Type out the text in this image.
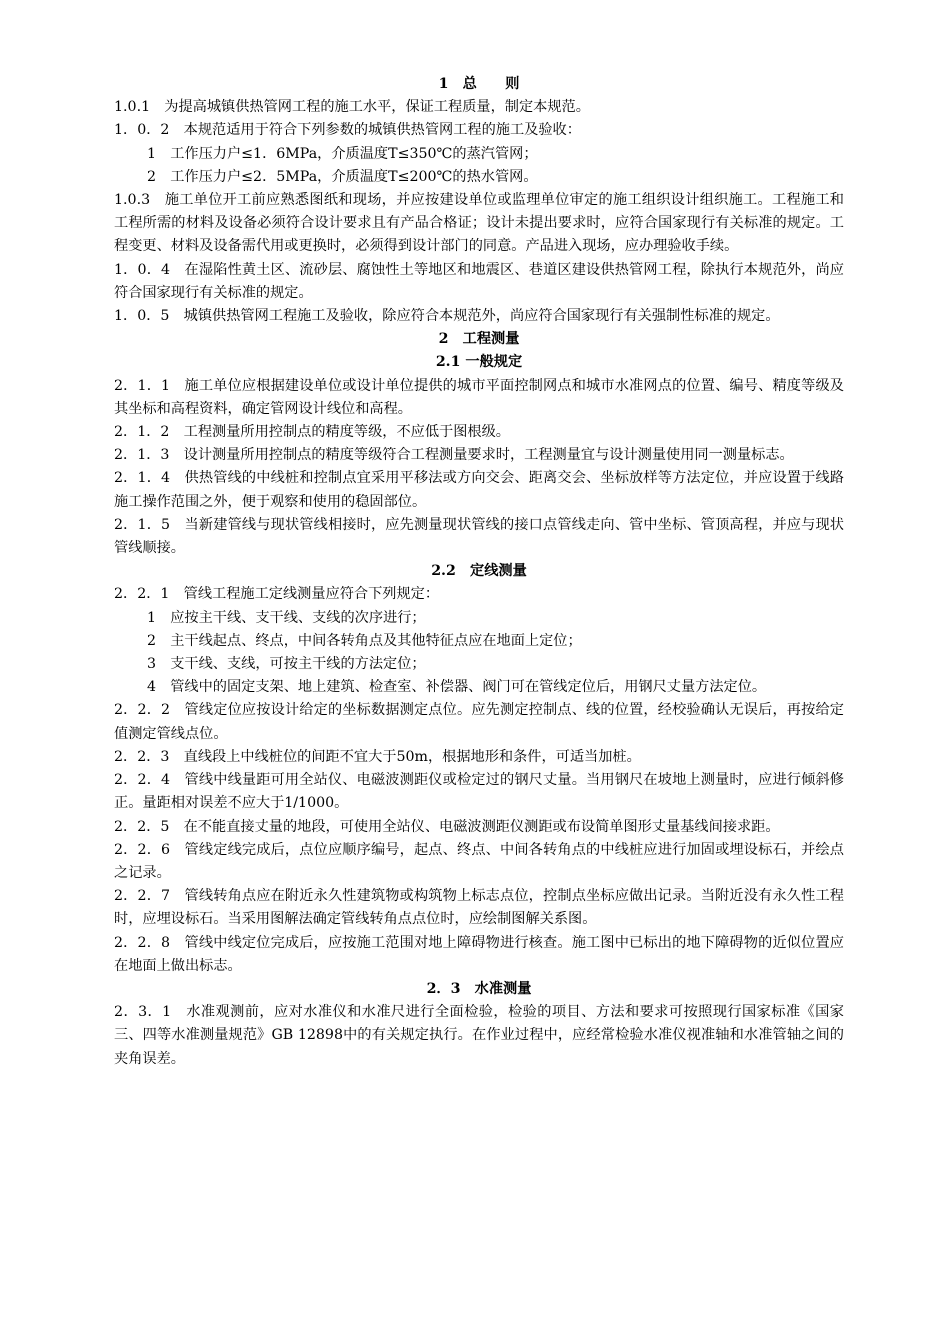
1　总　　则

1.0.1　为提高城镇供热管网工程的施工水平，保证工程质量，制定本规范。

1．0．2　本规范适用于符合下列参数的城镇供热管网工程的施工及验收：

1　工作压力户≤1．6MPa，介质温度T≤350℃的蒸汽管网；

2　工作压力户≤2．5MPa，介质温度T≤200℃的热水管网。

1.0.3　施工单位开工前应熟悉图纸和现场，并应按建设单位或监理单位审定的施工组织设计组织施工。工程施工和工程所需的材料及设备必须符合设计要求且有产品合格证；设计未提出要求时，应符合国家现行有关标准的规定。工程变更、材料及设备需代用或更换时，必须得到设计部门的同意。产品进入现场，应办理验收手续。

1．0．4　在湿陷性黄土区、流砂层、腐蚀性土等地区和地震区、巷道区建设供热管网工程，除执行本规范外，尚应符合国家现行有关标准的规定。

1．0．5　城镇供热管网工程施工及验收，除应符合本规范外，尚应符合国家现行有关强制性标准的规定。

2　工程测量

2.1 一般规定

2．1．1　施工单位应根据建设单位或设计单位提供的城市平面控制网点和城市水准网点的位置、编号、精度等级及其坐标和高程资料，确定管网设计线位和高程。

2．1．2　工程测量所用控制点的精度等级，不应低于图根级。

2．1．3　设计测量所用控制点的精度等级符合工程测量要求时，工程测量宜与设计测量使用同一测量标志。

2．1．4　供热管线的中线桩和控制点宜采用平移法或方向交会、距离交会、坐标放样等方法定位，并应设置于线路施工操作范围之外，便于观察和使用的稳固部位。

2．1．5　当新建管线与现状管线相接时，应先测量现状管线的接口点管线走向、管中坐标、管顶高程，并应与现状管线顺接。

2.2　定线测量

2．2．1　管线工程施工定线测量应符合下列规定：

1　应按主干线、支干线、支线的次序进行；

2　主干线起点、终点，中间各转角点及其他特征点应在地面上定位；

3　支干线、支线，可按主干线的方法定位；

4　管线中的固定支架、地上建筑、检查室、补偿器、阀门可在管线定位后，用钢尺丈量方法定位。

2．2．2　管线定位应按设计给定的坐标数据测定点位。应先测定控制点、线的位置，经校验确认无误后，再按给定值测定管线点位。

2．2．3　直线段上中线桩位的间距不宜大于50m，根据地形和条件，可适当加桩。

2．2．4　管线中线量距可用全站仪、电磁波测距仪或检定过的钢尺丈量。当用钢尺在坡地上测量时，应进行倾斜修正。量距相对误差不应大于1/1000。

2．2．5　在不能直接丈量的地段，可使用全站仪、电磁波测距仪测距或布设简单图形丈量基线间接求距。

2．2．6　管线定线完成后，点位应顺序编号，起点、终点、中间各转角点的中线桩应进行加固或埋设标石，并绘点之记录。

2．2．7　管线转角点应在附近永久性建筑物或构筑物上标志点位，控制点坐标应做出记录。当附近没有永久性工程时，应埋设标石。当采用图解法确定管线转角点点位时，应绘制图解关系图。

2．2．8　管线中线定位完成后，应按施工范围对地上障碍物进行核查。施工图中已标出的地下障碍物的近似位置应在地面上做出标志。

2．3　水准测量

2．3．1　水准观测前，应对水准仪和水准尺进行全面检验，检验的项目、方法和要求可按照现行国家标准《国家三、四等水准测量规范》GB 12898中的有关规定执行。在作业过程中，应经常检验水准仪视准轴和水准管轴之间的夹角误差。
